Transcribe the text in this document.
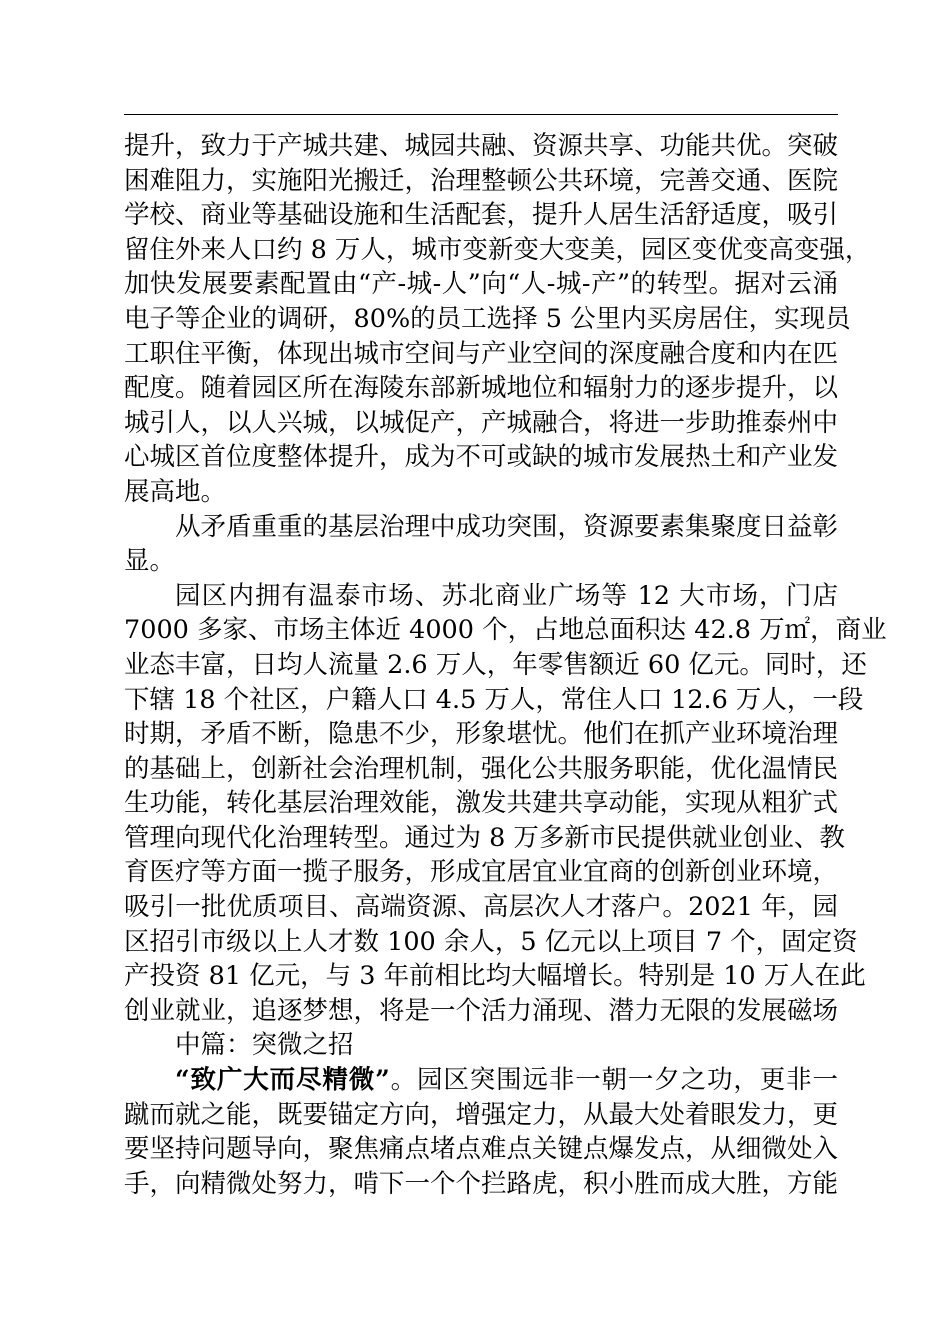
提升，致力于产城共建、城园共融、资源共享、功能共优。突破
困难阻力，实施阳光搬迁，治理整顿公共环境，完善交通、医院
学校、商业等基础设施和生活配套，提升人居生活舒适度，吸引
留住外来人口约 8 万人，城市变新变大变美，园区变优变高变强，
加快发展要素配置由“产-城-人”向“人-城-产”的转型。据对云涌
电子等企业的调研，80%的员工选择 5 公里内买房居住，实现员
工职住平衡，体现出城市空间与产业空间的深度融合度和内在匹
配度。随着园区所在海陵东部新城地位和辐射力的逐步提升，以
城引人，以人兴城，以城促产，产城融合，将进一步助推泰州中
心城区首位度整体提升，成为不可或缺的城市发展热土和产业发
展高地。
从矛盾重重的基层治理中成功突围，资源要素集聚度日益彰
显。
园区内拥有温泰市场、苏北商业广场等 12 大市场，门店
7000 多家、市场主体近 4000 个，占地总面积达 42.8 万㎡，商业
业态丰富，日均人流量 2.6 万人，年零售额近 60 亿元。同时，还
下辖 18 个社区，户籍人口 4.5 万人，常住人口 12.6 万人，一段
时期，矛盾不断，隐患不少，形象堪忧。他们在抓产业环境治理
的基础上，创新社会治理机制，强化公共服务职能，优化温情民
生功能，转化基层治理效能，激发共建共享动能，实现从粗犷式
管理向现代化治理转型。通过为 8 万多新市民提供就业创业、教
育医疗等方面一揽子服务，形成宜居宜业宜商的创新创业环境，
吸引一批优质项目、高端资源、高层次人才落户。2021 年，园
区招引市级以上人才数 100 余人，5 亿元以上项目 7 个，固定资
产投资 81 亿元，与 3 年前相比均大幅增长。特别是 10 万人在此
创业就业，追逐梦想，将是一个活力涌现、潜力无限的发展磁场
中篇：突微之招
“致广大而尽精微”。园区突围远非一朝一夕之功，更非一
蹴而就之能，既要锚定方向，增强定力，从最大处着眼发力，更
要坚持问题导向，聚焦痛点堵点难点关键点爆发点，从细微处入
手，向精微处努力，啃下一个个拦路虎，积小胜而成大胜，方能
